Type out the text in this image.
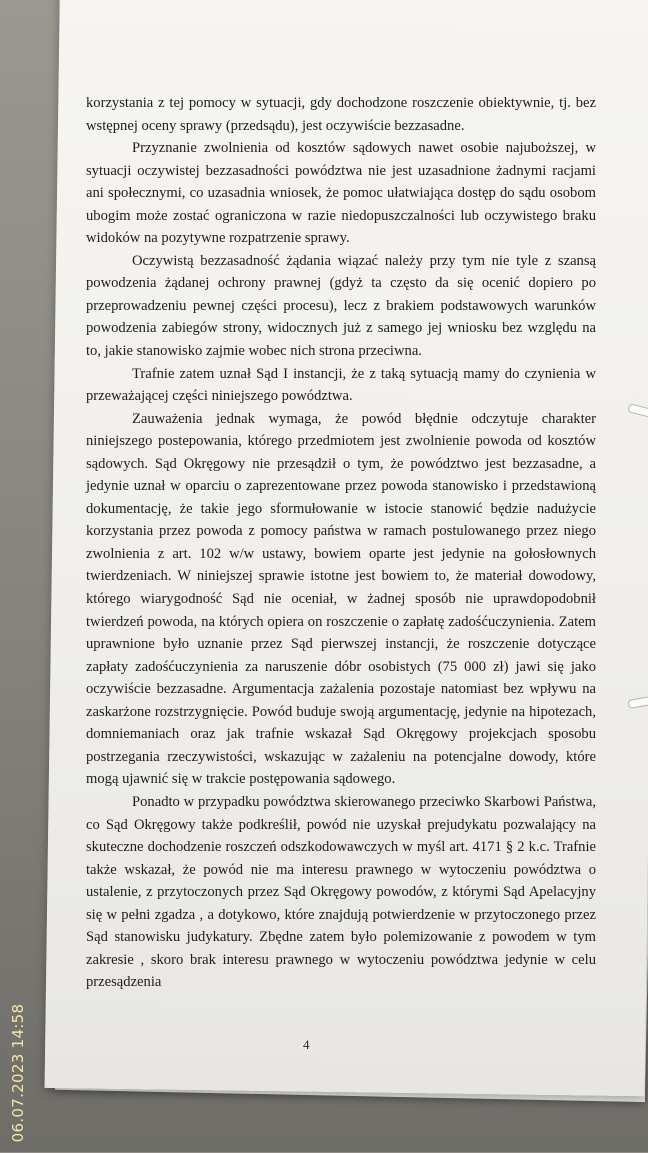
korzystania z tej pomocy w sytuacji, gdy dochodzone roszczenie obiektywnie, tj. bez wstępnej oceny sprawy (przedsądu), jest oczywiście bezzasadne.

Przyznanie zwolnienia od kosztów sądowych nawet osobie najuboższej, w sytuacji oczywistej bezzasadności powództwa nie jest uzasadnione żadnymi racjami ani społecznymi, co uzasadnia wniosek, że pomoc ułatwiająca dostęp do sądu osobom ubogim może zostać ograniczona w razie niedopuszczalności lub oczywistego braku widoków na pozytywne rozpatrzenie sprawy.

Oczywistą bezzasadność żądania wiązać należy przy tym nie tyle z szansą powodzenia żądanej ochrony prawnej (gdyż ta często da się ocenić dopiero po przeprowadzeniu pewnej części procesu), lecz z brakiem podstawowych warunków powodzenia zabiegów strony, widocznych już z samego jej wniosku bez względu na to, jakie stanowisko zajmie wobec nich strona przeciwna.

Trafnie zatem uznał Sąd I instancji, że z taką sytuacją mamy do czynienia w przeważającej części niniejszego powództwa.

Zauważenia jednak wymaga, że powód błędnie odczytuje charakter niniejszego postepowania, którego przedmiotem jest zwolnienie powoda od kosztów sądowych. Sąd Okręgowy nie przesądził o tym, że powództwo jest bezzasadne, a jedynie uznał w oparciu o zaprezentowane przez powoda stanowisko i przedstawioną dokumentację, że takie jego sformułowanie w istocie stanowić będzie nadużycie korzystania przez powoda z pomocy państwa w ramach postulowanego przez niego zwolnienia z art. 102 w/w ustawy, bowiem oparte jest jedynie na gołosłownych twierdzeniach. W niniejszej sprawie istotne jest bowiem to, że materiał dowodowy, którego wiarygodność Sąd nie oceniał, w żadnej sposób nie uprawdopodobnił twierdzeń powoda, na których opiera on roszczenie o zapłatę zadośćuczynienia. Zatem uprawnione było uznanie przez Sąd pierwszej instancji, że roszczenie dotyczące zapłaty zadośćuczynienia za naruszenie dóbr osobistych (75 000 zł) jawi się jako oczywiście bezzasadne. Argumentacja zażalenia pozostaje natomiast bez wpływu na zaskarżone rozstrzygnięcie. Powód buduje swoją argumentację, jedynie na hipotezach, domniemaniach oraz jak trafnie wskazał Sąd Okręgowy projekcjach sposobu postrzegania rzeczywistości, wskazując w zażaleniu na potencjalne dowody, które mogą ujawnić się w trakcie postępowania sądowego.

Ponadto w przypadku powództwa skierowanego przeciwko Skarbowi Państwa, co Sąd Okręgowy także podkreślił, powód nie uzyskał prejudykatu pozwalający na skuteczne dochodzenie roszczeń odszkodowawczych w myśl art. 4171 § 2 k.c. Trafnie także wskazał, że powód nie ma interesu prawnego w wytoczeniu powództwa o ustalenie, z przytoczonych przez Sąd Okręgowy powodów, z którymi Sąd Apelacyjny się w pełni zgadza , a dotykowo, które znajdują potwierdzenie w przytoczonego przez Sąd stanowisku judykatury. Zbędne zatem było polemizowanie z powodem w tym zakresie , skoro brak interesu prawnego w wytoczeniu powództwa jedynie w celu przesądzenia

4
06.07.2023 14:58
